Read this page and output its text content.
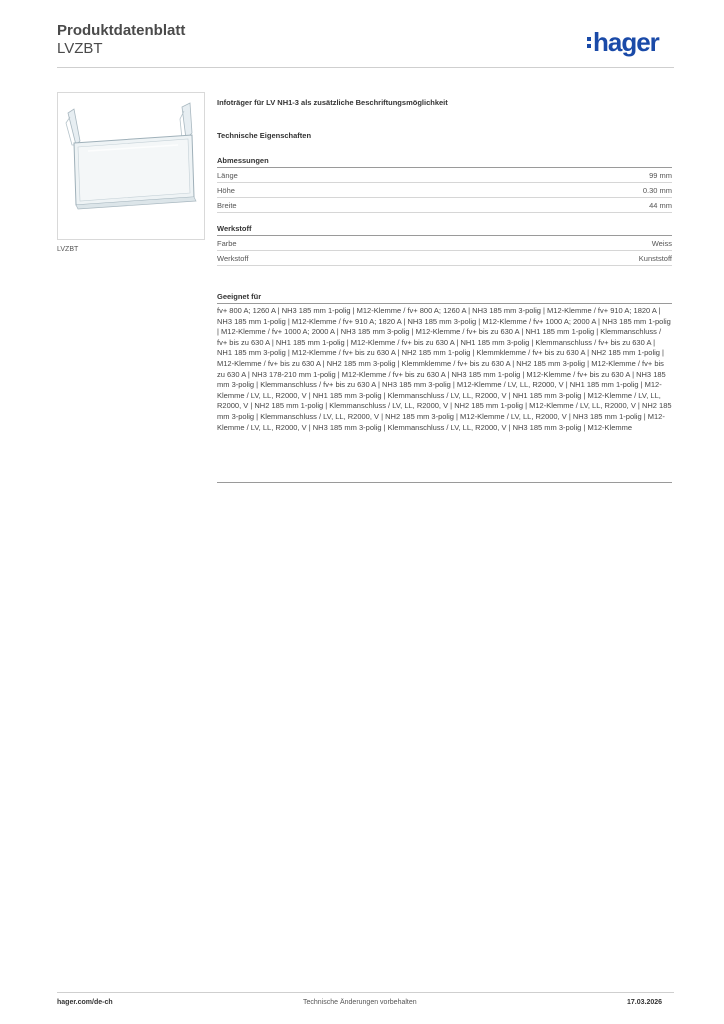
Produktdatenblatt
LVZBT	hager
LVZBT

Infoträger für LV NH1-3 als zusätzliche Beschriftungsmöglichkeit

Technische Eigenschaften
Abmessungen
Länge	99 mm
Höhe	0.30 mm
Breite	44 mm
Werkstoff
Farbe	Weiss
Werkstoff	Kunststoff
Geeignet für

fv+ 800 A; 1260 A | NH3 185 mm 1-polig | M12-Klemme / fv+ 800 A; 1260 A | NH3 185 mm 3-polig | M12-Klemme / fv+ 910 A; 1820 A | NH3 185 mm 1-polig | M12-Klemme / fv+ 910 A; 1820 A | NH3 185 mm 3-polig | M12-Klemme / fv+ 1000 A; 2000 A | NH3 185 mm 1-polig | M12-Klemme / fv+ 1000 A; 2000 A | NH3 185 mm 3-polig | M12-Klemme / fv+ bis zu 630 A | NH1 185 mm 1-polig | Klemmanschluss / fv+ bis zu 630 A | NH1 185 mm 1-polig | M12-Klemme / fv+ bis zu 630 A | NH1 185 mm 3-polig | Klemmanschluss / fv+ bis zu 630 A | NH1 185 mm 3-polig | M12-Klemme / fv+ bis zu 630 A | NH2 185 mm 1-polig | Klemmklemme / fv+ bis zu 630 A | NH2 185 mm 1-polig | M12-Klemme / fv+ bis zu 630 A | NH2 185 mm 3-polig | Klemmklemme / fv+ bis zu 630 A | NH2 185 mm 3-polig | M12-Klemme / fv+ bis zu 630 A | NH3 178-210 mm 1-polig | M12-Klemme / fv+ bis zu 630 A | NH3 185 mm 1-polig | M12-Klemme / fv+ bis zu 630 A | NH3 185 mm 3-polig | Klemmanschluss / fv+ bis zu 630 A | NH3 185 mm 3-polig | M12-Klemme / LV, LL, R2000, V | NH1 185 mm 1-polig | M12-Klemme / LV, LL, R2000, V | NH1 185 mm 3-polig | Klemmanschluss / LV, LL, R2000, V | NH1 185 mm 3-polig | M12-Klemme / LV, LL, R2000, V | NH2 185 mm 1-polig | Klemmanschluss / LV, LL, R2000, V | NH2 185 mm 1-polig | M12-Klemme / LV, LL, R2000, V | NH2 185 mm 3-polig | Klemmanschluss / LV, LL, R2000, V | NH2 185 mm 3-polig | M12-Klemme / LV, LL, R2000, V | NH3 185 mm 1-polig | M12-Klemme / LV, LL, R2000, V | NH3 185 mm 3-polig | Klemmanschluss / LV, LL, R2000, V | NH3 185 mm 3-polig | M12-Klemme

hager.com/de-ch	Technische Änderungen vorbehalten	17.03.2026
